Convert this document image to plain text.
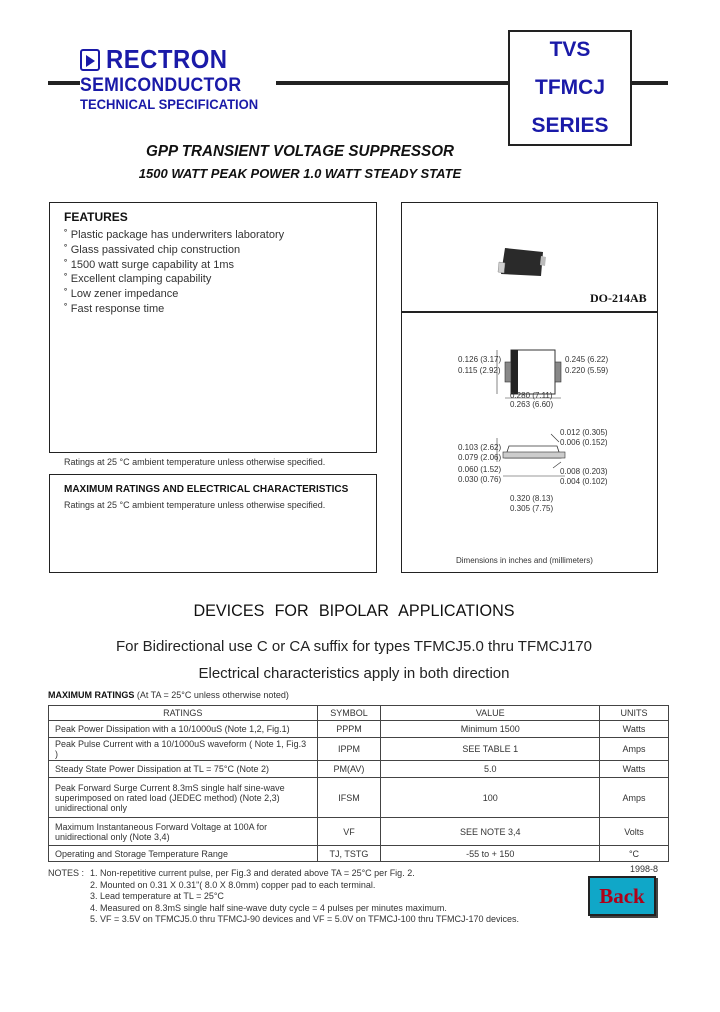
RECTRON
SEMICONDUCTOR
TECHNICAL SPECIFICATION
TVS
TFMCJ
SERIES
GPP TRANSIENT VOLTAGE SUPPRESSOR
1500 WATT PEAK POWER 1.0 WATT STEADY STATE
FEATURES
˚ Plastic package has underwriters laboratory
˚ Glass passivated chip construction
˚ 1500 watt surge capability at 1ms
˚ Excellent clamping capability
˚ Low zener impedance
˚ Fast response time
Ratings at 25 °C ambient temperature unless otherwise specified.
MAXIMUM RATINGS AND ELECTRICAL CHARACTERISTICS
Ratings at 25 °C ambient temperature unless otherwise specified.
DO-214AB
0.126 (3.17)
0.115 (2.92)
0.245 (6.22)
0.220 (5.59)
0.280 (7.11)
0.263 (6.60)
0.012 (0.305)
0.006 (0.152)
0.103 (2.62)
0.079 (2.06)
0.060 (1.52)
0.030 (0.76)
0.008 (0.203)
0.004 (0.102)
0.320 (8.13)
0.305 (7.75)
Dimensions in inches and (millimeters)
DEVICES FOR BIPOLAR APPLICATIONS
For Bidirectional use C or CA suffix for types TFMCJ5.0 thru TFMCJ170
Electrical characteristics apply in both direction
MAXIMUM RATINGS (At TA = 25°C unless otherwise noted)
RATINGS	SYMBOL	VALUE	UNITS
Peak Power Dissipation with a 10/1000uS (Note 1,2, Fig.1)	PPPM	Minimum 1500	Watts
Peak Pulse Current with a 10/1000uS waveform ( Note 1, Fig.3 )	IPPM	SEE TABLE 1	Amps
Steady State Power Dissipation at TL = 75°C (Note 2)	PM(AV)	5.0	Watts
Peak Forward Surge Current 8.3mS single half sine-wave superimposed on rated load (JEDEC method) (Note 2,3) unidirectional only	IFSM	100	Amps
Maximum Instantaneous Forward Voltage at 100A for unidirectional only (Note 3,4)	VF	SEE NOTE 3,4	Volts
Operating and Storage Temperature Range	TJ, TSTG	-55 to + 150	°C
1998-8
NOTES : 1. Non-repetitive current pulse, per Fig.3 and derated above TA = 25°C per Fig. 2.
2. Mounted on 0.31 X 0.31"( 8.0 X 8.0mm) copper pad to each terminal.
3. Lead temperature at TL = 25°C
4. Measured on 8.3mS single half sine-wave duty cycle = 4 pulses per minutes maximum.
5. VF = 3.5V on TFMCJ5.0 thru TFMCJ-90 devices and VF = 5.0V on TFMCJ-100 thru TFMCJ-170 devices.
Back
